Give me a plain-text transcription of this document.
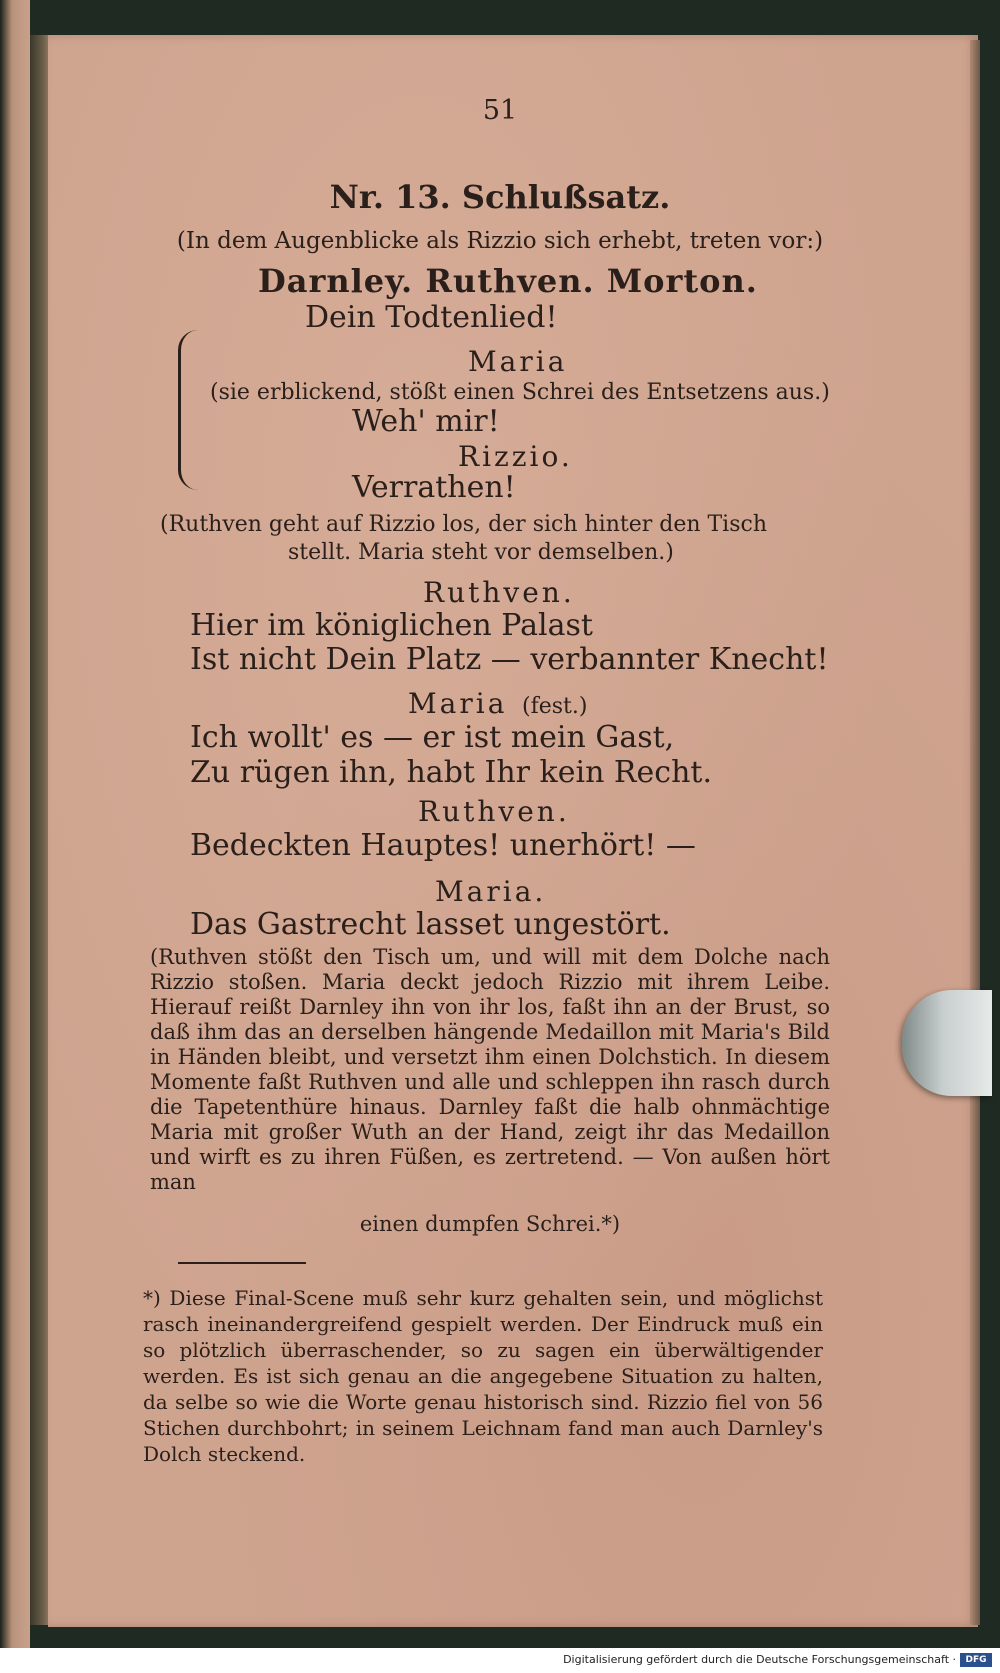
51
Nr. 13. Schlußsatz.
(In dem Augenblicke als Rizzio sich erhebt, treten vor:)
Darnley. Ruthven. Morton.
Dein Todtenlied!
Maria
(sie erblickend, stößt einen Schrei des Entsetzens aus.)
Weh' mir!
Rizzio.
Verrathen!
(Ruthven geht auf Rizzio los, der sich hinter den Tisch
stellt. Maria steht vor demselben.)
Ruthven.
Hier im königlichen Palast
Ist nicht Dein Platz — verbannter Knecht!
Maria (fest.)
Ich wollt' es — er ist mein Gast,
Zu rügen ihn, habt Ihr kein Recht.
Ruthven.
Bedeckten Hauptes! unerhört! —
Maria.
Das Gastrecht lasset ungestört.
(Ruthven stößt den Tisch um, und will mit dem Dolche nach Rizzio stoßen. Maria deckt jedoch Rizzio mit ihrem Leibe. Hierauf reißt Darnley ihn von ihr los, faßt ihn an der Brust, so daß ihm das an derselben hängende Medaillon mit Maria's Bild in Händen bleibt, und versetzt ihm einen Dolchstich. In diesem Momente faßt Ruthven und alle und schleppen ihn rasch durch die Tapetenthüre hinaus. Darnley faßt die halb ohnmächtige Maria mit großer Wuth an der Hand, zeigt ihr das Medaillon und wirft es zu ihren Füßen, es zertretend. — Von außen hört man
einen dumpfen Schrei.*)
*) Diese Final-Scene muß sehr kurz gehalten sein, und möglichst rasch ineinandergreifend gespielt werden. Der Eindruck muß ein so plötzlich überraschender, so zu sagen ein überwältigender werden. Es ist sich genau an die angegebene Situation zu halten, da selbe so wie die Worte genau historisch sind. Rizzio fiel von 56 Stichen durchbohrt; in seinem Leichnam fand man auch Darnley's Dolch steckend.
Digitalisierung gefördert durch die Deutsche Forschungsgemeinschaft ·	DFG
